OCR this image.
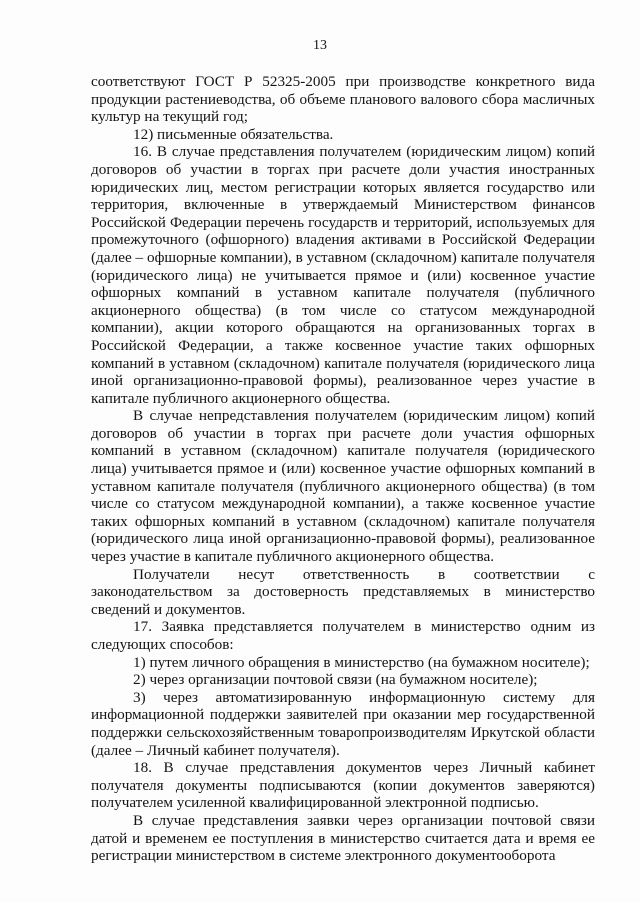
13

соответствуют ГОСТ Р 52325-2005 при производстве конкретного вида продукции растениеводства, об объеме планового валового сбора масличных культур на текущий год;

12) письменные обязательства.

16. В случае представления получателем (юридическим лицом) копий договоров об участии в торгах при расчете доли участия иностранных юридических лиц, местом регистрации которых является государство или территория, включенные в утверждаемый Министерством финансов Российской Федерации перечень государств и территорий, используемых для промежуточного (офшорного) владения активами в Российской Федерации (далее – офшорные компании), в уставном (складочном) капитале получателя (юридического лица) не учитывается прямое и (или) косвенное участие офшорных компаний в уставном капитале получателя (публичного акционерного общества) (в том числе со статусом международной компании), акции которого обращаются на организованных торгах в Российской Федерации, а также косвенное участие таких офшорных компаний в уставном (складочном) капитале получателя (юридического лица иной организационно-правовой формы), реализованное через участие в капитале публичного акционерного общества.

В случае непредставления получателем (юридическим лицом) копий договоров об участии в торгах при расчете доли участия офшорных компаний в уставном (складочном) капитале получателя (юридического лица) учитывается прямое и (или) косвенное участие офшорных компаний в уставном капитале получателя (публичного акционерного общества) (в том числе со статусом международной компании), а также косвенное участие таких офшорных компаний в уставном (складочном) капитале получателя (юридического лица иной организационно-правовой формы), реализованное через участие в капитале публичного акционерного общества.

Получатели несут ответственность в соответствии с законодательством за достоверность представляемых в министерство сведений и документов.

17. Заявка представляется получателем в министерство одним из следующих способов:

1) путем личного обращения в министерство (на бумажном носителе);

2) через организации почтовой связи (на бумажном носителе);

3) через автоматизированную информационную систему для информационной поддержки заявителей при оказании мер государственной поддержки сельскохозяйственным товаропроизводителям Иркутской области (далее – Личный кабинет получателя).

18. В случае представления документов через Личный кабинет получателя документы подписываются (копии документов заверяются) получателем усиленной квалифицированной электронной подписью.

В случае представления заявки через организации почтовой связи датой и временем ее поступления в министерство считается дата и время ее регистрации министерством в системе электронного документооборота
